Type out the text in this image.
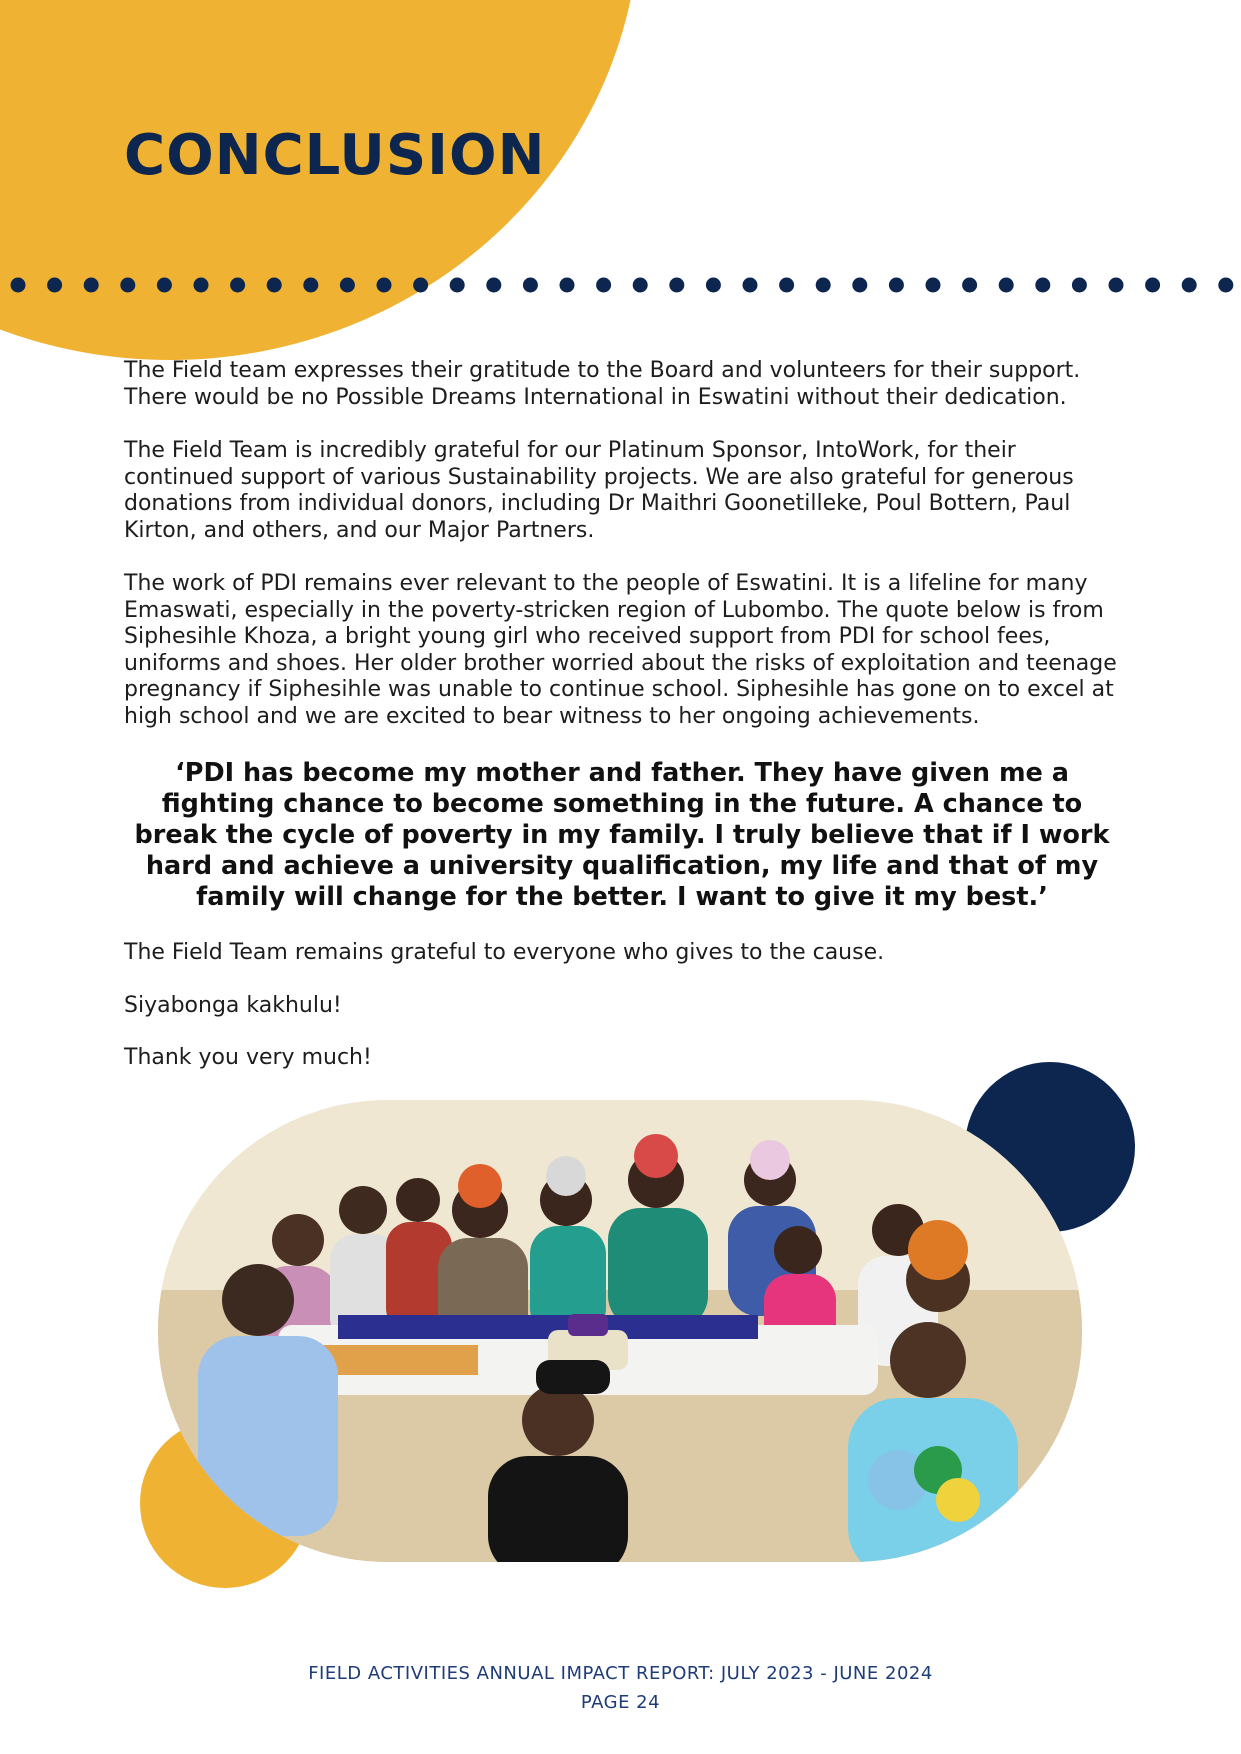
CONCLUSION

The Field team expresses their gratitude to the Board and volunteers for their support. There would be no Possible Dreams International in Eswatini without their dedication.

The Field Team is incredibly grateful for our Platinum Sponsor, IntoWork, for their continued support of various Sustainability projects. We are also grateful for generous donations from individual donors, including Dr Maithri Goonetilleke, Poul Bottern, Paul Kirton, and others, and our Major Partners.

The work of PDI remains ever relevant to the people of Eswatini. It is a lifeline for many Emaswati, especially in the poverty-stricken region of Lubombo. The quote below is from Siphesihle Khoza, a bright young girl who received support from PDI for school fees, uniforms and shoes. Her older brother worried about the risks of exploitation and teenage pregnancy if Siphesihle was unable to continue school. Siphesihle has gone on to excel at high school and we are excited to bear witness to her ongoing achievements.

‘PDI has become my mother and father. They have given me a fighting chance to become something in the future. A chance to break the cycle of poverty in my family. I truly believe that if I work hard and achieve a university qualification, my life and that of my family will change for the better. I want to give it my best.’

The Field Team remains grateful to everyone who gives to the cause.

Siyabonga kakhulu!

Thank you very much!

FIELD ACTIVITIES ANNUAL IMPACT REPORT: JULY 2023 - JUNE 2024
PAGE 24
